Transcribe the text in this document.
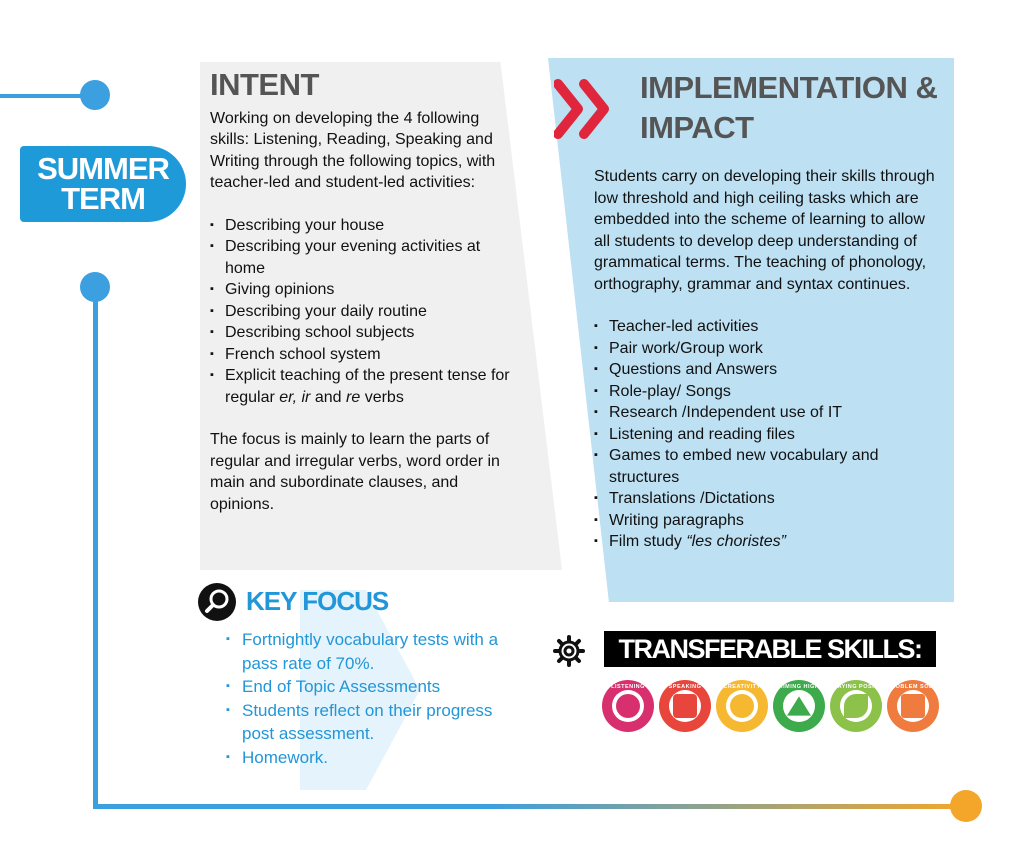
SUMMER
TERM
INTENT

Working on developing the 4 following skills: Listening, Reading, Speaking and Writing through the following topics, with teacher-led and student-led activities:

▪ Describing your house
▪ Describing your evening activities at home
▪ Giving opinions
▪ Describing your daily routine
▪ Describing school subjects
▪ French school system
▪ Explicit teaching of the present tense for regular er, ir and re verbs

The focus is mainly to learn the parts of regular and irregular verbs, word order in main and subordinate clauses, and opinions.

IMPLEMENTATION &
IMPACT

Students carry on developing their skills through low threshold and high ceiling tasks which are embedded into the scheme of learning to allow all students to develop deep understanding of grammatical terms. The teaching of phonology, orthography, grammar and syntax continues.

▪ Teacher-led activities
▪ Pair work/Group work
▪ Questions and Answers
▪ Role-play/ Songs
▪ Research /Independent use of IT
▪ Listening and reading files
▪ Games to embed new vocabulary and structures
▪ Translations /Dictations
▪ Writing paragraphs
▪ Film study “les choristes”
KEY FOCUS
▪ Fortnightly vocabulary tests with a pass rate of 70%.
▪ End of Topic Assessments
▪ Students reflect on their progress post assessment.
▪ Homework.
TRANSFERABLE SKILLS:
LISTENING	SPEAKING	CREATIVITY	AIMING HIGH	STAYING POSITIVE
PROBLEM SOLVING
